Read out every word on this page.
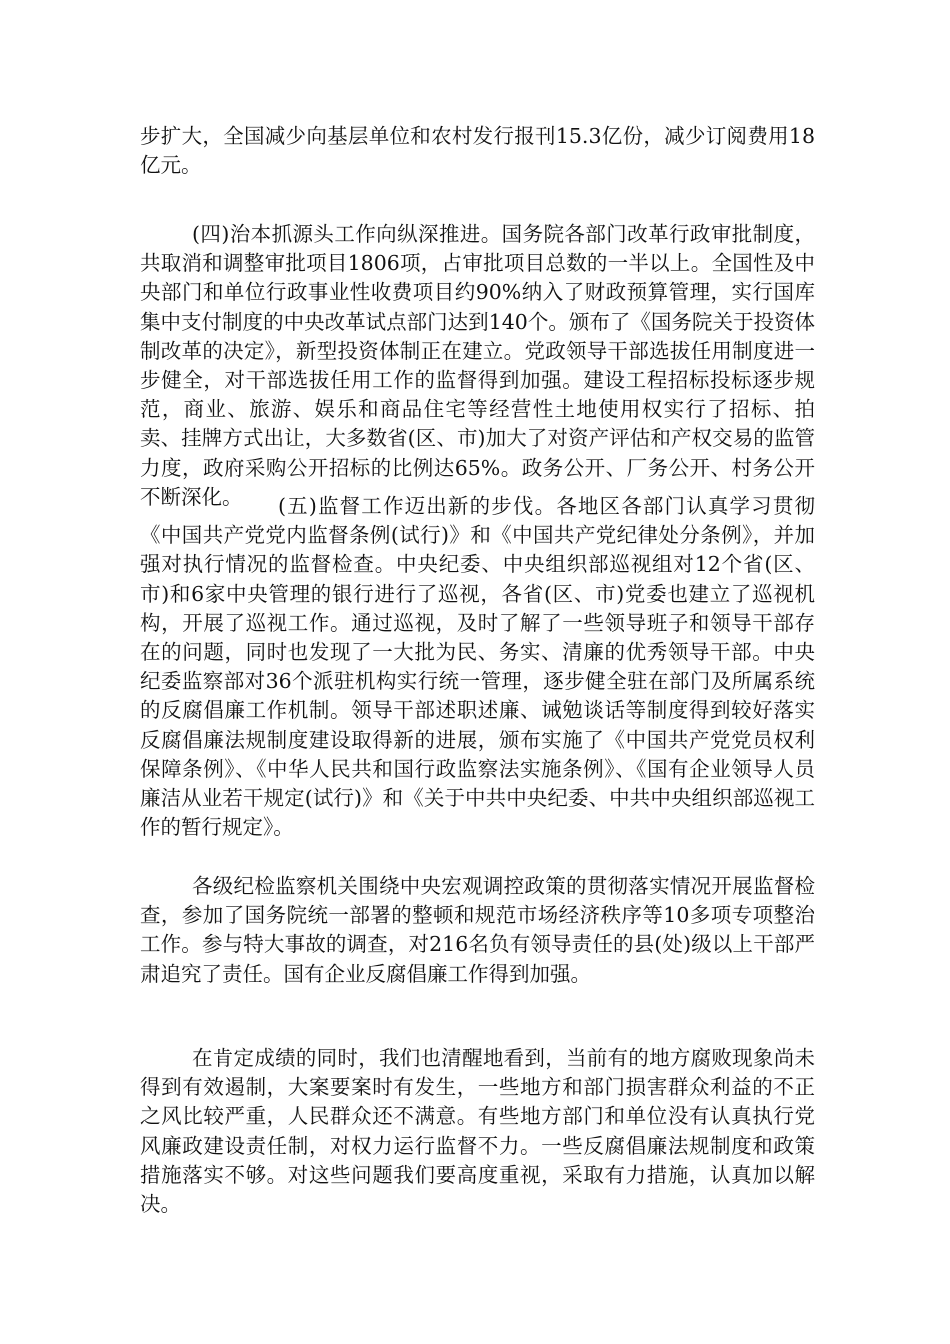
步扩大，全国减少向基层单位和农村发行报刊15.3亿份，减少订阅费用18亿元。

(四)治本抓源头工作向纵深推进。国务院各部门改革行政审批制度，共取消和调整审批项目1806项，占审批项目总数的一半以上。全国性及中央部门和单位行政事业性收费项目约90%纳入了财政预算管理，实行国库集中支付制度的中央改革试点部门达到140个。颁布了《国务院关于投资体制改革的决定》，新型投资体制正在建立。党政领导干部选拔任用制度进一步健全，对干部选拔任用工作的监督得到加强。建设工程招标投标逐步规范，商业、旅游、娱乐和商品住宅等经营性土地使用权实行了招标、拍卖、挂牌方式出让，大多数省(区、市)加大了对资产评估和产权交易的监管力度，政府采购公开招标的比例达65%。政务公开、厂务公开、村务公开不断深化。	(五)监督工作迈出新的步伐。各地区各部门认真学习贯彻《中国共产党党内监督条例(试行)》和《中国共产党纪律处分条例》，并加强对执行情况的监督检查。中央纪委、中央组织部巡视组对12个省(区、市)和6家中央管理的银行进行了巡视，各省(区、市)党委也建立了巡视机构，开展了巡视工作。通过巡视，及时了解了一些领导班子和领导干部存在的问题，同时也发现了一大批为民、务实、清廉的优秀领导干部。中央纪委监察部对36个派驻机构实行统一管理，逐步健全驻在部门及所属系统的反腐倡廉工作机制。领导干部述职述廉、诫勉谈话等制度得到较好落实反腐倡廉法规制度建设取得新的进展，颁布实施了《中国共产党党员权利保障条例》、《中华人民共和国行政监察法实施条例》、《国有企业领导人员廉洁从业若干规定(试行)》和《关于中共中央纪委、中共中央组织部巡视工作的暂行规定》。

各级纪检监察机关围绕中央宏观调控政策的贯彻落实情况开展监督检查，参加了国务院统一部署的整顿和规范市场经济秩序等10多项专项整治工作。参与特大事故的调查，对216名负有领导责任的县(处)级以上干部严肃追究了责任。国有企业反腐倡廉工作得到加强。

在肯定成绩的同时，我们也清醒地看到，当前有的地方腐败现象尚未得到有效遏制，大案要案时有发生，一些地方和部门损害群众利益的不正之风比较严重，人民群众还不满意。有些地方部门和单位没有认真执行党风廉政建设责任制，对权力运行监督不力。一些反腐倡廉法规制度和政策措施落实不够。对这些问题我们要高度重视，采取有力措施，认真加以解决。
